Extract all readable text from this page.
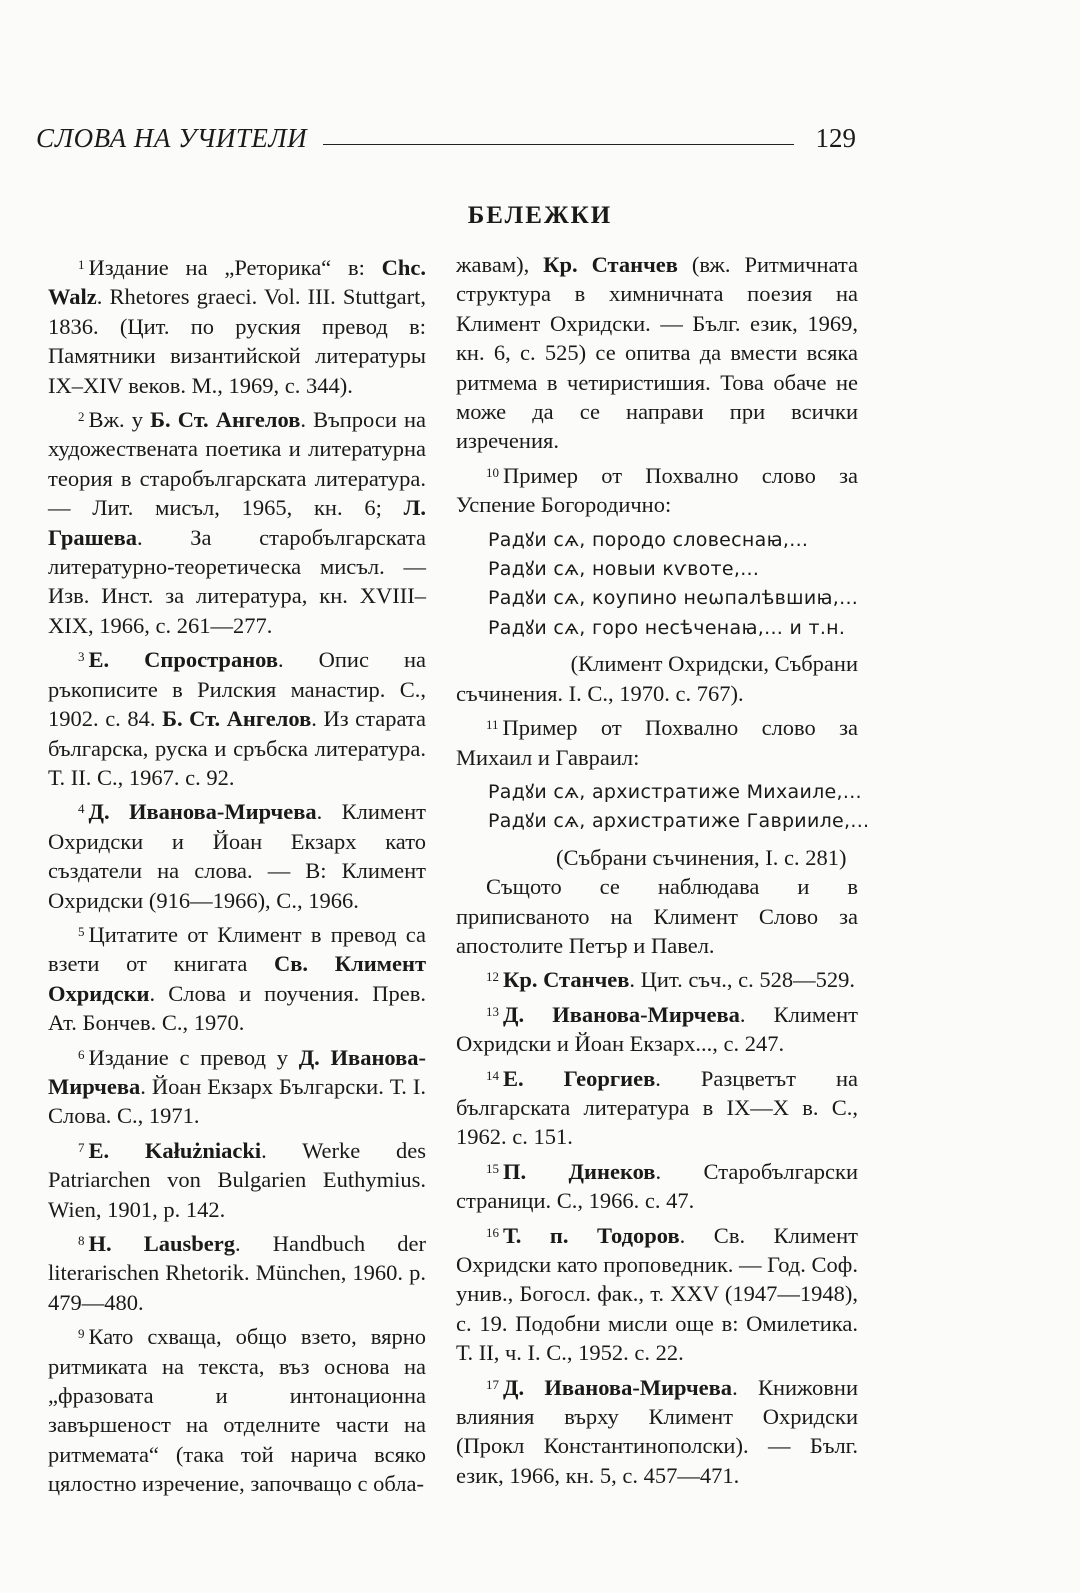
СЛОВА НА УЧИТЕЛИ	129
БЕЛЕЖКИ
$^1$ Издание на „Реторика“ в: Chc. Walz. Rhetores graeci. Vol. III. Stuttgart, 1836. (Цит. по руския превод в: Памятники византийской литературы IX–XIV веков. М., 1969, с. 344).
$^2$ Вж. у Б. Ст. Ангелов. Въпроси на художествената поетика и литературна теория в старобългарската литература. — Лит. мисъл, 1965, кн. 6; Л. Грашева. За старобългарската литературно-теоретическа мисъл. — Изв. Инст. за литература, кн. XVIII–XIX, 1966, с. 261—277.
$^3$ Е. Спространов. Опис на ръкописите в Рилския манастир. С., 1902. с. 84. Б. Ст. Ангелов. Из старата българска, руска и сръбска литература. Т. II. С., 1967. с. 92.
$^4$ Д. Иванова-Мирчева. Климент Охридски и Йоан Екзарх като създатели на слова. — В: Климент Охридски (916—1966), С., 1966.
$^5$ Цитатите от Климент в превод са взети от книгата Св. Климент Охридски. Слова и поучения. Прев. Ат. Бончев. С., 1970.
$^6$ Издание с превод у Д. Иванова-Мирчева. Йоан Екзарх Български. Т. I. Слова. С., 1971.
$^7$ E. Kałużniacki. Werke des Patriarchen von Bulgarien Euthymius. Wien, 1901, p. 142.
$^8$ H. Lausberg. Handbuch der literarischen Rhetorik. München, 1960. p. 479—480.
$^9$ Като схваща, общо взето, вярно ритмиката на текста, въз основа на „фразовата и интонационна завършеност на отделните части на ритмемата“ (така той нарича всяко цялостно изречение, започващо с обла-
жавам), Кр. Станчев (вж. Ритмичната структура в химничната поезия на Климент Охридски. — Бълг. език, 1969, кн. 6, с. 525) се опитва да вмести всяка ритмема в четиристишия. Това обаче не може да се направи при всички изречения.
$^{10}$ Пример от Похвално слово за Успение Богородично:
Радꙋи сѧ, породо словеснаꙗ,...
Радꙋи сѧ, новыи кѵвоте,...
Радꙋи сѧ, коупино неѡпалѣвшиꙗ,...
Радꙋи сѧ, горо несѣченаꙗ,... и т.н.

(Климент Охридски, Събрани съчинения. I. С., 1970. с. 767).

$^{11}$ Пример от Похвално слово за Михаил и Гавраил:
Радꙋи сѧ, архистратиже Михаиле,...
Радꙋи сѧ, архистратиже Гаврииле,...

(Събрани съчинения, I. с. 281)

Същото се наблюдава и в приписваното на Климент Слово за апостолите Петър и Павел.

$^{12}$ Кр. Станчев. Цит. съч., с. 528—529.
$^{13}$ Д. Иванова-Мирчева. Климент Охридски и Йоан Екзарх..., с. 247.
$^{14}$ Е. Георгиев. Разцветът на българската литература в IX—X в. С., 1962. с. 151.
$^{15}$ П. Динеков. Старобългарски страници. С., 1966. с. 47.
$^{16}$ Т. п. Тодоров. Св. Климент Охридски като проповедник. — Год. Соф. унив., Богосл. фак., т. XXV (1947—1948), с. 19. Подобни мисли още в: Омилетика. Т. II, ч. I. С., 1952. с. 22.
$^{17}$ Д. Иванова-Мирчева. Книжовни влияния върху Климент Охридски (Прокл Константинополски). — Бълг. език, 1966, кн. 5, с. 457—471.
